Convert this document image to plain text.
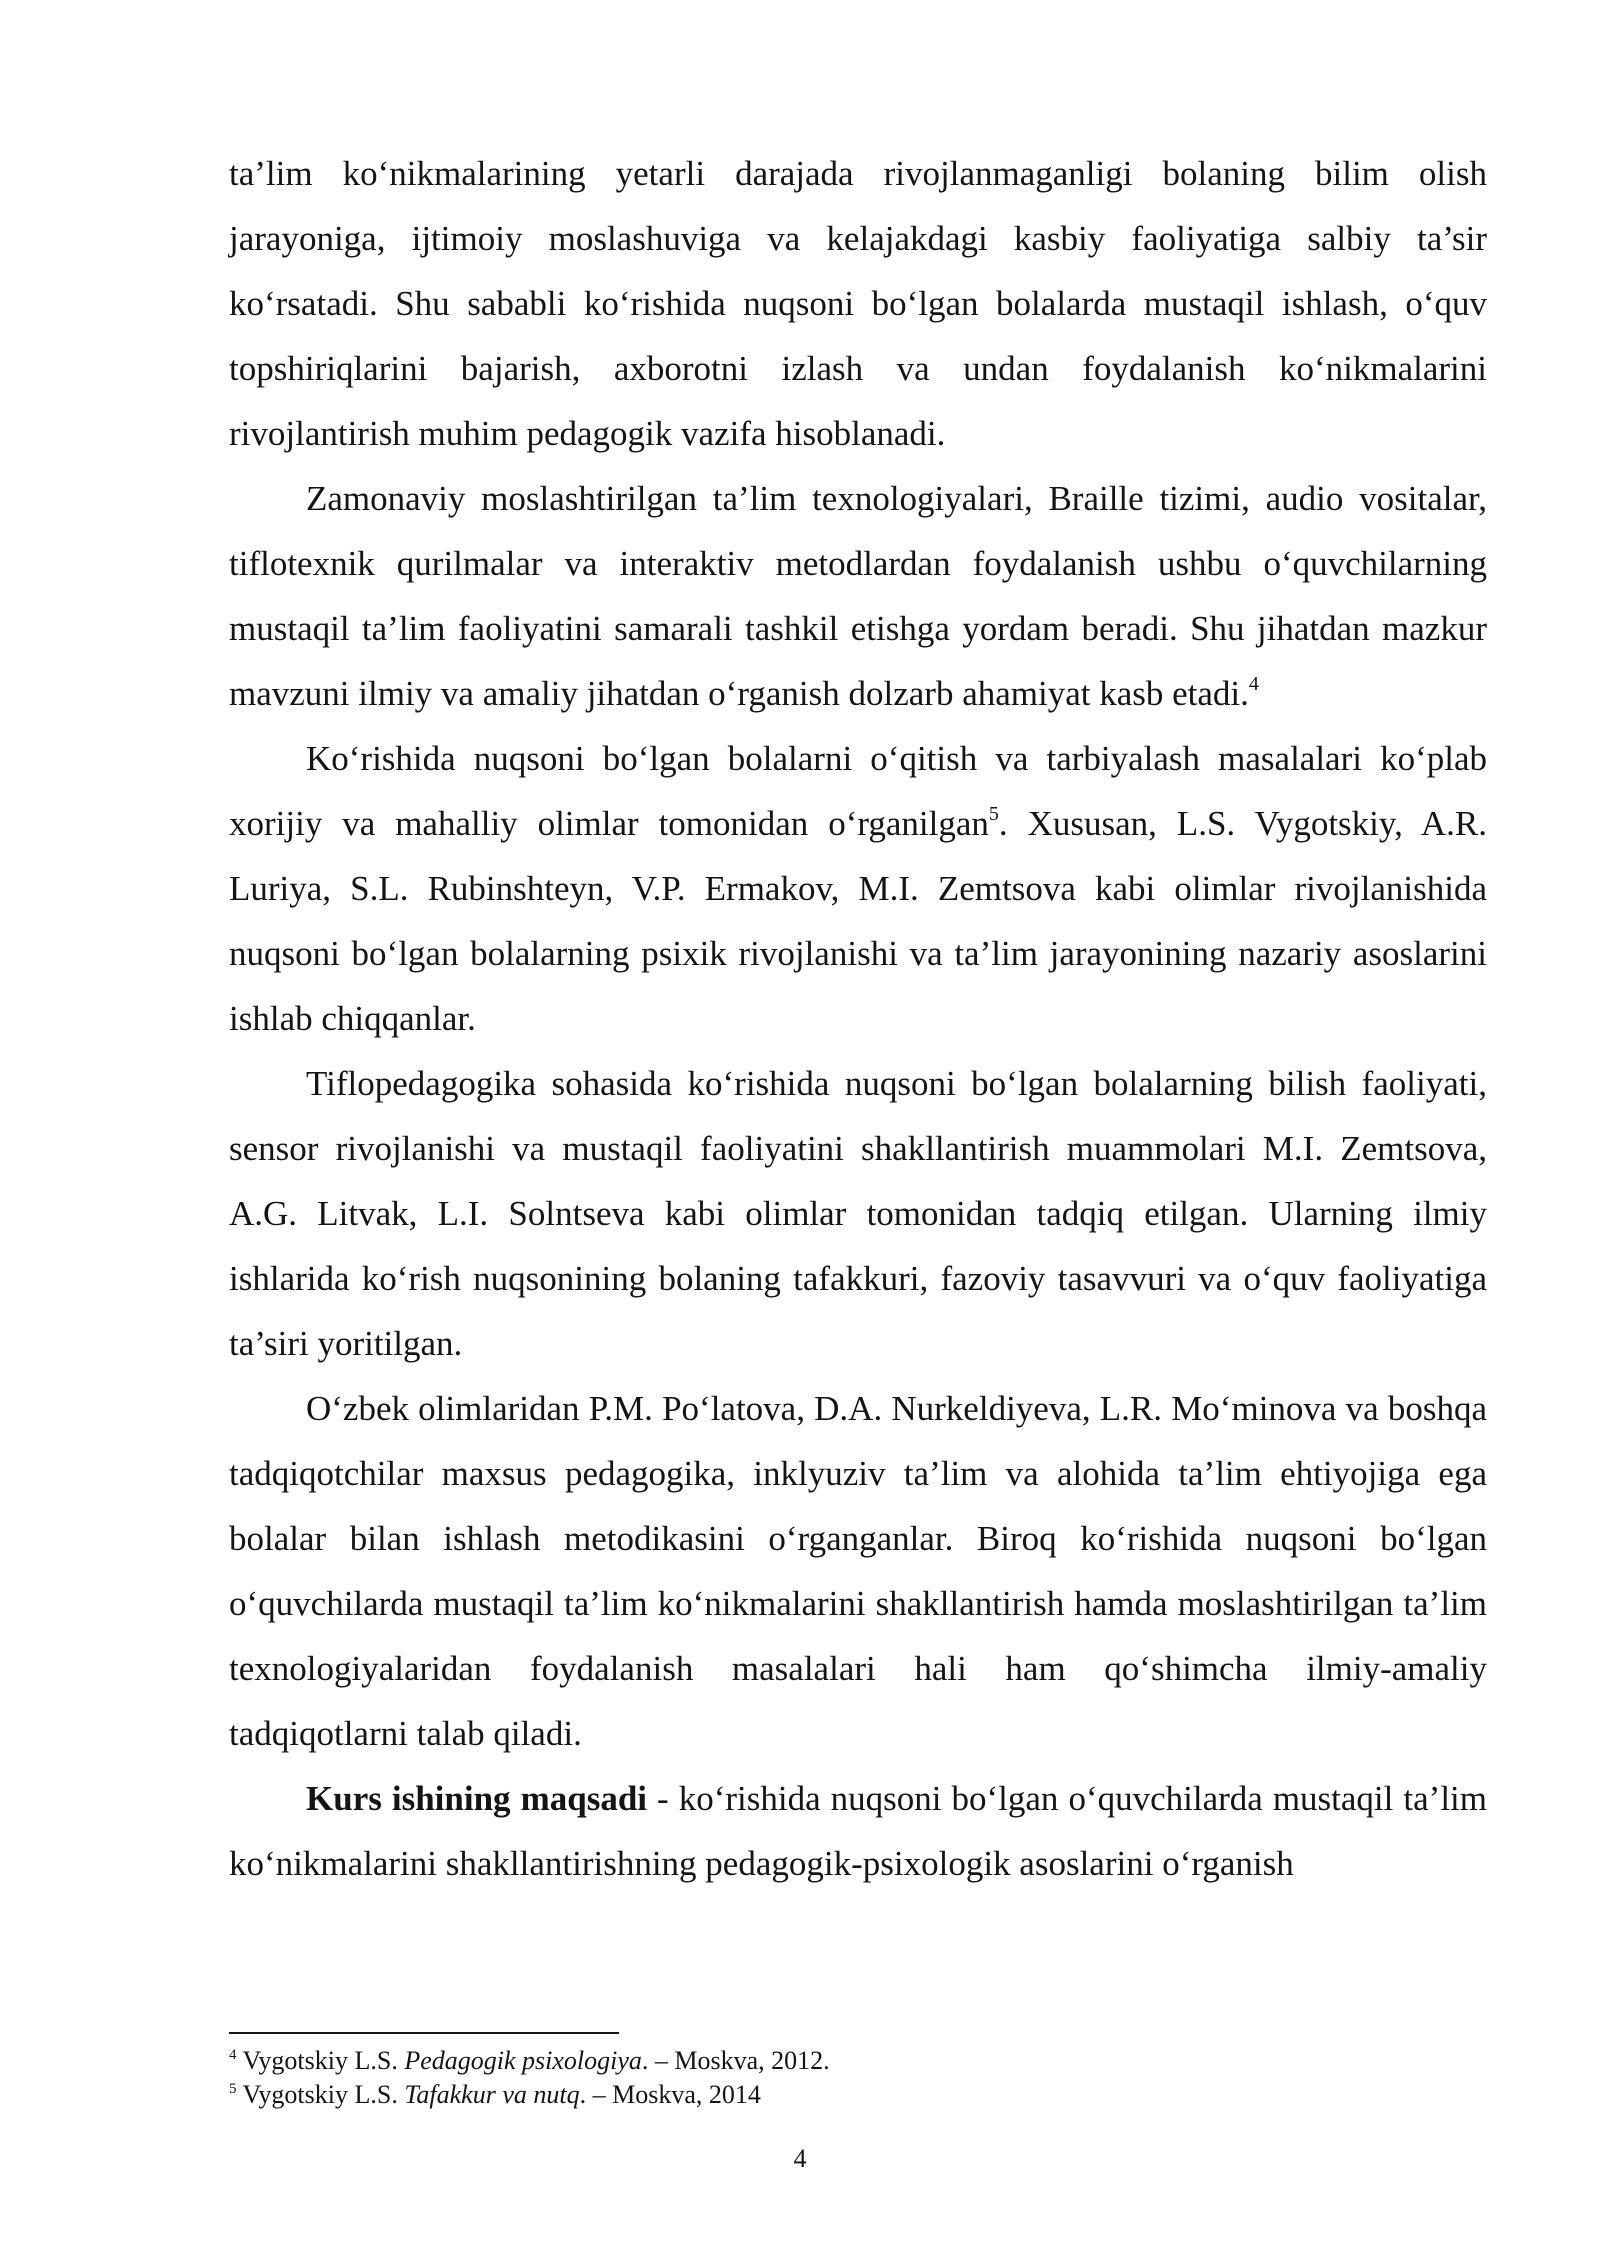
ta’lim ko‘nikmalarining yetarli darajada rivojlanmaganligi bolaning bilim olish jarayoniga, ijtimoiy moslashuviga va kelajakdagi kasbiy faoliyatiga salbiy ta’sir ko‘rsatadi. Shu sababli ko‘rishida nuqsoni bo‘lgan bolalarda mustaqil ishlash, o‘quv topshiriqlarini bajarish, axborotni izlash va undan foydalanish ko‘nikmalarini rivojlantirish muhim pedagogik vazifa hisoblanadi.

Zamonaviy moslashtirilgan ta’lim texnologiyalari, Braille tizimi, audio vositalar, tiflotexnik qurilmalar va interaktiv metodlardan foydalanish ushbu o‘quvchilarning mustaqil ta’lim faoliyatini samarali tashkil etishga yordam beradi. Shu jihatdan mazkur mavzuni ilmiy va amaliy jihatdan o‘rganish dolzarb ahamiyat kasb etadi.$^4$

Ko‘rishida nuqsoni bo‘lgan bolalarni o‘qitish va tarbiyalash masalalari ko‘plab xorijiy va mahalliy olimlar tomonidan o‘rganilgan$^5$. Xususan, L.S. Vygotskiy, A.R. Luriya, S.L. Rubinshteyn, V.P. Ermakov, M.I. Zemtsova kabi olimlar rivojlanishida nuqsoni bo‘lgan bolalarning psixik rivojlanishi va ta’lim jarayonining nazariy asoslarini ishlab chiqqanlar.

Tiflopedagogika sohasida ko‘rishida nuqsoni bo‘lgan bolalarning bilish faoliyati, sensor rivojlanishi va mustaqil faoliyatini shakllantirish muammolari M.I. Zemtsova, A.G. Litvak, L.I. Solntseva kabi olimlar tomonidan tadqiq etilgan. Ularning ilmiy ishlarida ko‘rish nuqsonining bolaning tafakkuri, fazoviy tasavvuri va o‘quv faoliyatiga ta’siri yoritilgan.

O‘zbek olimlaridan P.M. Po‘latova, D.A. Nurkeldiyeva, L.R. Mo‘minova va boshqa tadqiqotchilar maxsus pedagogika, inklyuziv ta’lim va alohida ta’lim ehtiyojiga ega bolalar bilan ishlash metodikasini o‘rganganlar. Biroq ko‘rishida nuqsoni bo‘lgan o‘quvchilarda mustaqil ta’lim ko‘nikmalarini shakllantirish hamda moslashtirilgan ta’lim texnologiyalaridan foydalanish masalalari hali ham qo‘shimcha ilmiy-amaliy tadqiqotlarni talab qiladi.

Kurs ishining maqsadi - ko‘rishida nuqsoni bo‘lgan o‘quvchilarda mustaqil ta’lim ko‘nikmalarini shakllantirishning pedagogik-psixologik asoslarini o‘rganish

$^4$ Vygotskiy L.S. Pedagogik psixologiya. – Moskva, 2012.
$^5$ Vygotskiy L.S. Tafakkur va nutq. – Moskva, 2014
4
